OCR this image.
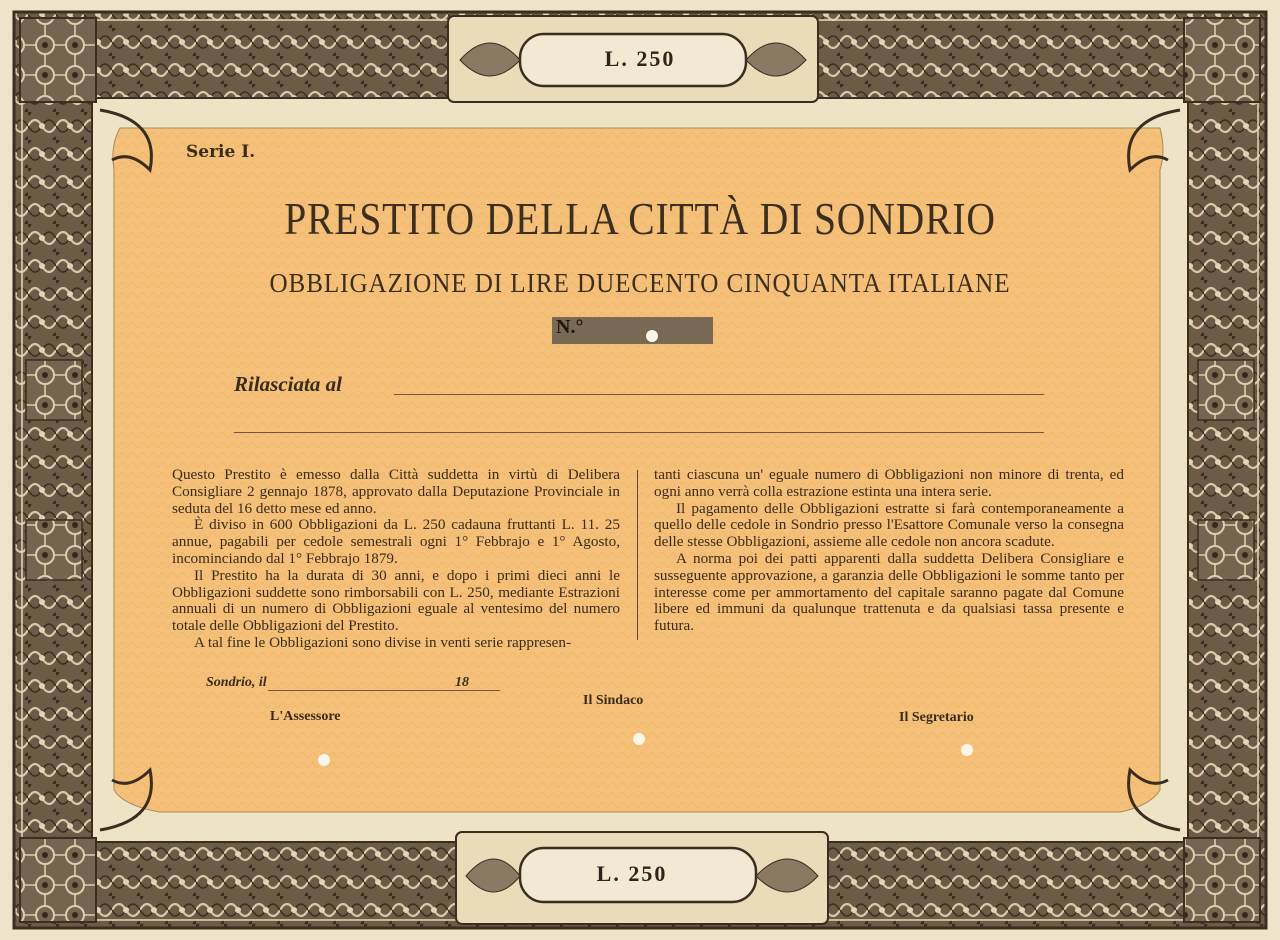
L. 250
L. 250
Serie I.
PRESTITO DELLA CITTÀ DI SONDRIO
OBBLIGAZIONE DI LIRE DUECENTO CINQUANTA ITALIANE
N.°
Rilasciata al

Questo Prestito è emesso dalla Città suddetta in virtù di Delibera Consigliare 2 gennajo 1878, approvato dalla Deputazione Provinciale in seduta del 16 detto mese ed anno.

È diviso in 600 Obbligazioni da L. 250 cadauna fruttanti L. 11. 25 annue, pagabili per cedole semestrali ogni 1° Febbrajo e 1° Agosto, incominciando dal 1° Febbrajo 1879.

Il Prestito ha la durata di 30 anni, e dopo i primi dieci anni le Obbligazioni suddette sono rimborsabili con L. 250, mediante Estrazioni annuali di un numero di Obbligazioni eguale al ventesimo del numero totale delle Obbligazioni del Prestito.

A tal fine le Obbligazioni sono divise in venti serie rappresen-

tanti ciascuna un' eguale numero di Obbligazioni non minore di trenta, ed ogni anno verrà colla estrazione estinta una intera serie.

Il pagamento delle Obbligazioni estratte si farà contemporaneamente a quello delle cedole in Sondrio presso l'Esattore Comunale verso la consegna delle stesse Obbligazioni, assieme alle cedole non ancora scadute.

A norma poi dei patti apparenti dalla suddetta Delibera Consigliare e susseguente approvazione, a garanzia delle Obbligazioni le somme tanto per interesse come per ammortamento del capitale saranno pagate dal Comune libere ed immuni da qualunque trattenuta e da qualsiasi tassa presente e futura.

Sondrio, il	18
Il Sindaco
L'Assessore	Il Segretario
